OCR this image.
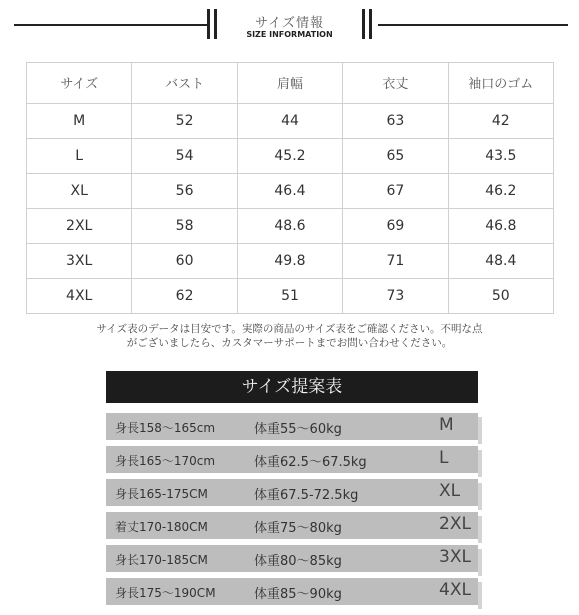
サイズ情報
SIZE INFORMATION
サイズ	バスト	肩幅	衣丈	袖口のゴム
M	52	44	63	42
L	54	45.2	65	43.5
XL	56	46.4	67	46.2
2XL	58	48.6	69	46.8
3XL	60	49.8	71	48.4
4XL	62	51	73	50
サイズ表のデータは目安です。実際の商品のサイズ表をご確認ください。不明な点
がございましたら、カスタマーサポートまでお問い合わせください。
サイズ提案表
身長158～165cm	体重55～60kg	M
身長165～170cm	体重62.5～67.5kg	L
身長165-175CM	体重67.5-72.5kg	XL
着丈170-180CM	体重75～80kg	2XL
身长170-185CM	体重80～85kg	3XL
身長175～190CM	体重85～90kg	4XL
